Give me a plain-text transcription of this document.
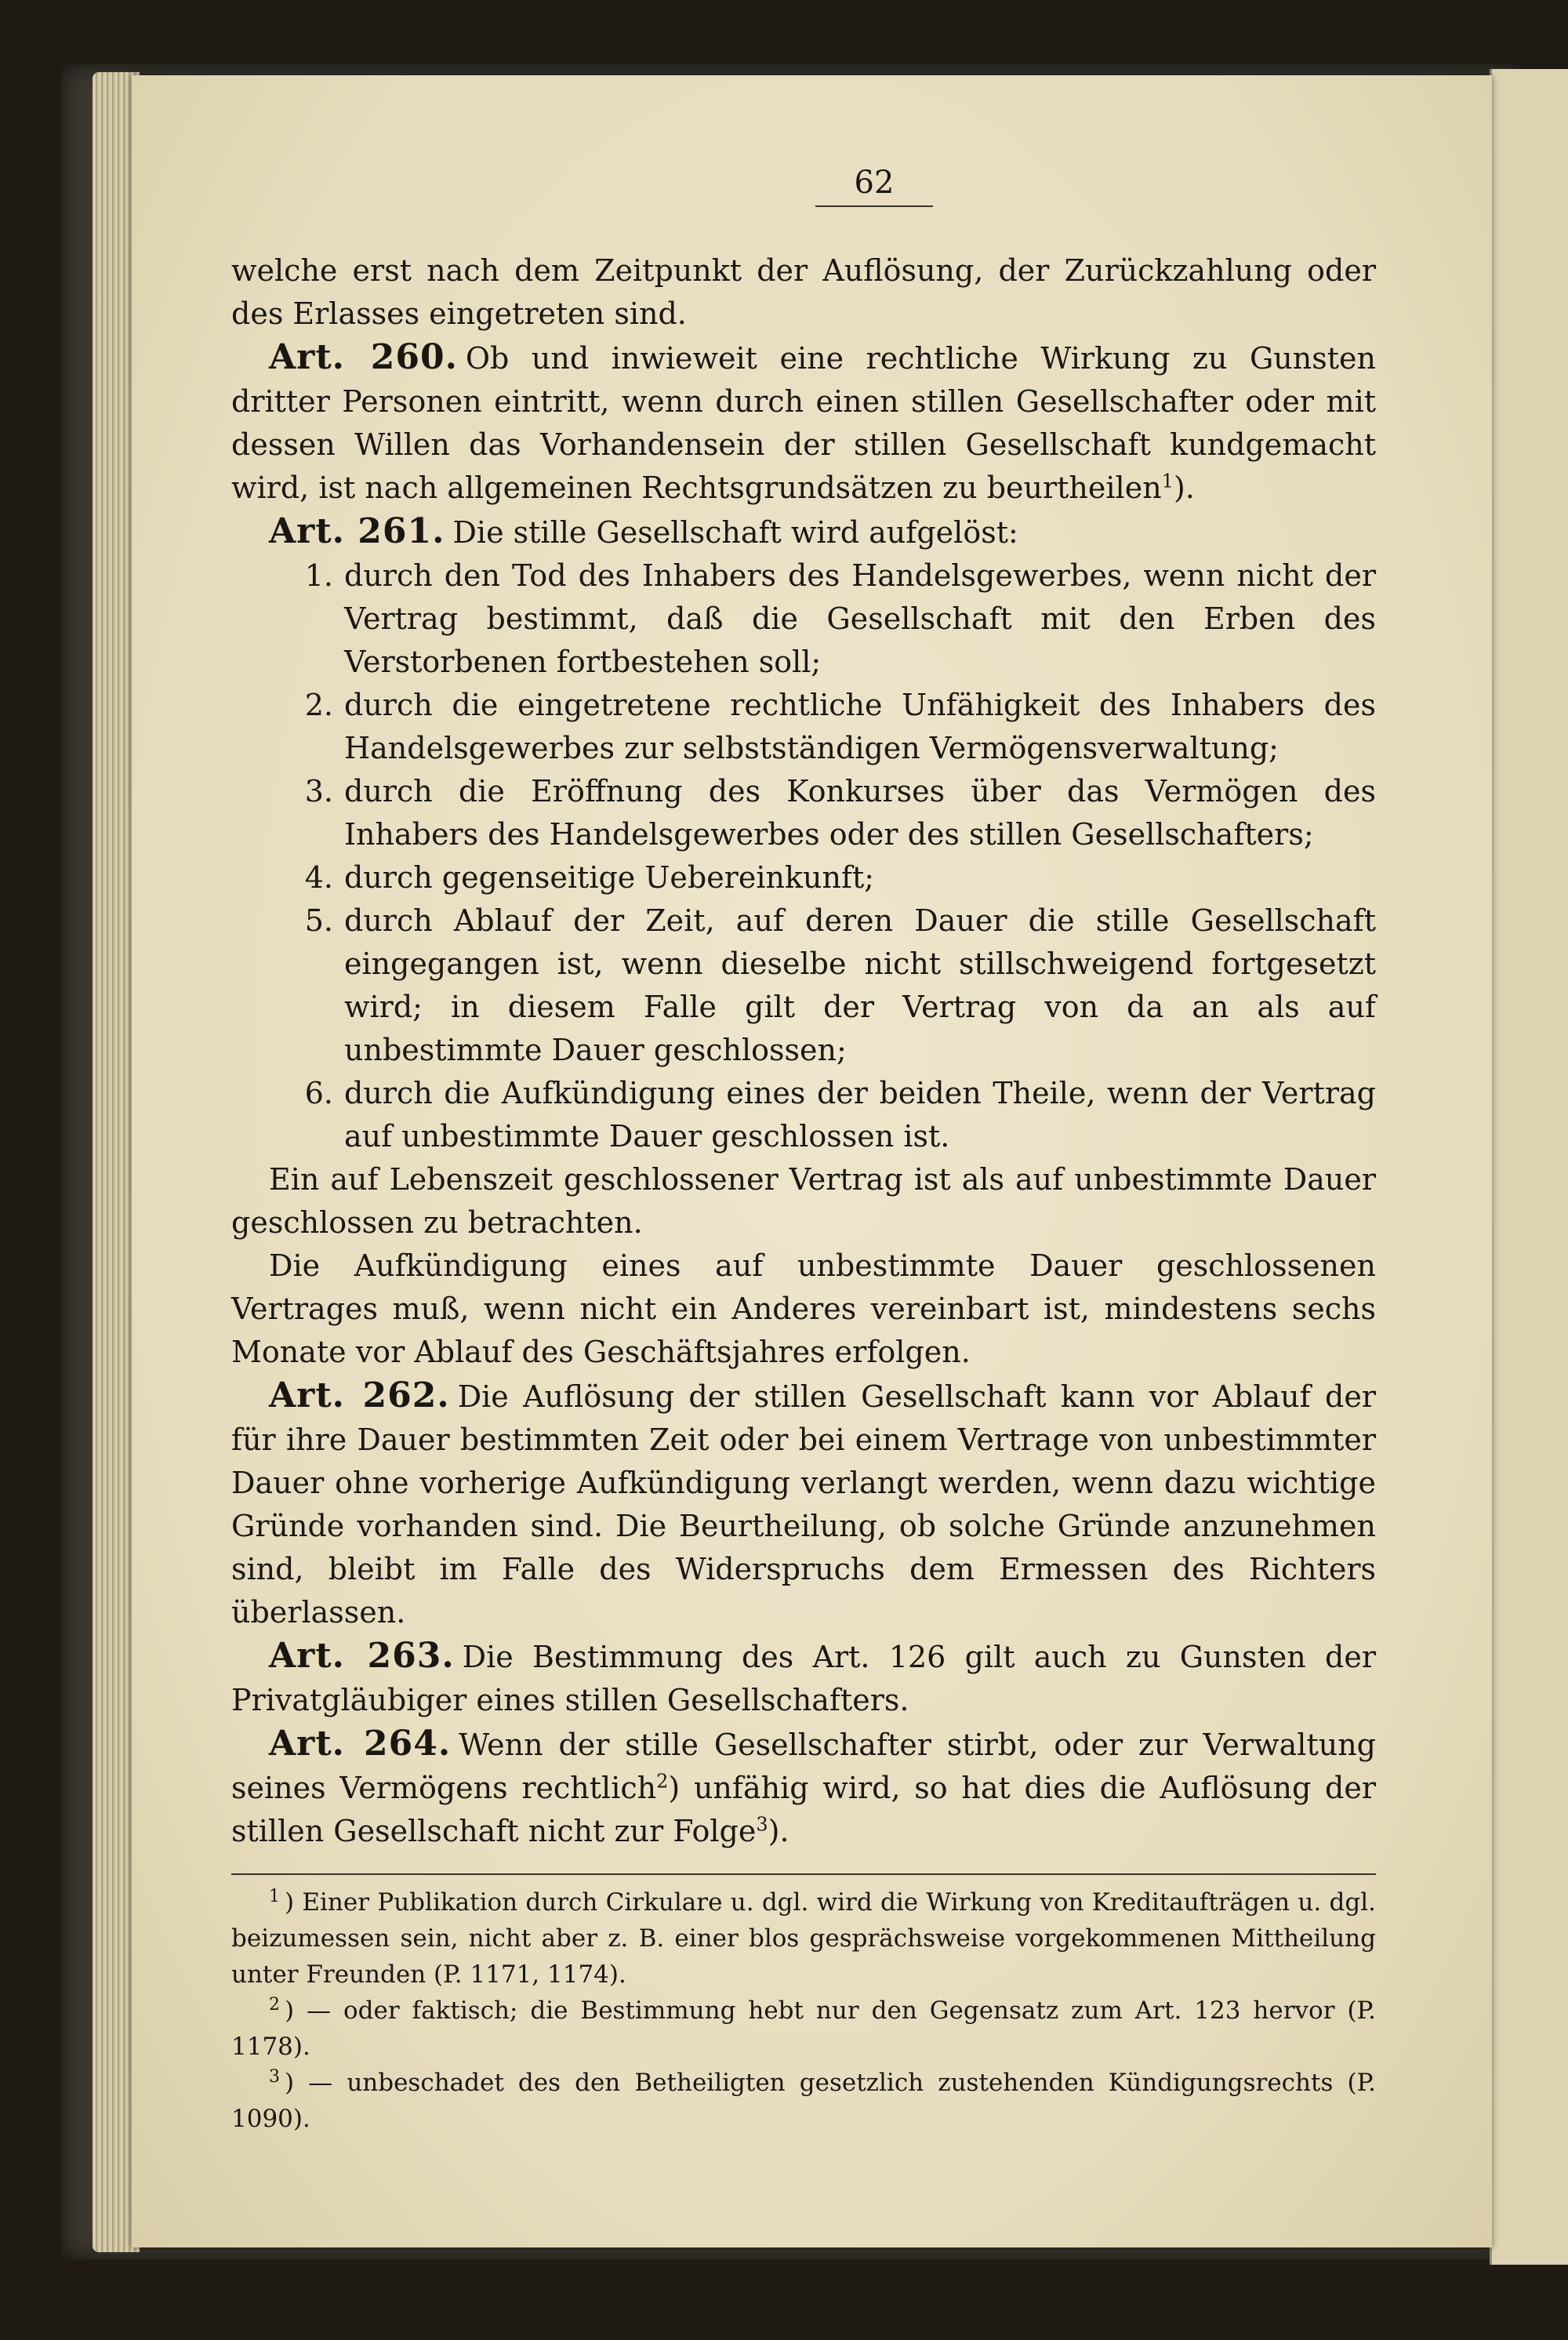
62

welche erst nach dem Zeitpunkt der Auflösung, der Zurückzahlung oder des Erlasses eingetreten sind.

Art. 260. Ob und inwieweit eine rechtliche Wirkung zu Gunsten dritter Personen eintritt, wenn durch einen stillen Gesellschafter oder mit dessen Willen das Vorhandensein der stillen Gesellschaft kundgemacht wird, ist nach allgemeinen Rechtsgrundsätzen zu beurtheilen$^1$).

Art. 261. Die stille Gesellschaft wird aufgelöst:

1. durch den Tod des Inhabers des Handelsgewerbes, wenn nicht der Vertrag bestimmt, daß die Gesellschaft mit den Erben des Verstorbenen fortbestehen soll;

2. durch die eingetretene rechtliche Unfähigkeit des Inhabers des Handelsgewerbes zur selbstständigen Vermögensverwaltung;

3. durch die Eröffnung des Konkurses über das Vermögen des Inhabers des Handelsgewerbes oder des stillen Gesellschafters;

4. durch gegenseitige Uebereinkunft;

5. durch Ablauf der Zeit, auf deren Dauer die stille Gesellschaft eingegangen ist, wenn dieselbe nicht stillschweigend fortgesetzt wird; in diesem Falle gilt der Vertrag von da an als auf unbestimmte Dauer geschlossen;

6. durch die Aufkündigung eines der beiden Theile, wenn der Vertrag auf unbestimmte Dauer geschlossen ist.

Ein auf Lebenszeit geschlossener Vertrag ist als auf unbestimmte Dauer geschlossen zu betrachten.

Die Aufkündigung eines auf unbestimmte Dauer geschlossenen Vertrages muß, wenn nicht ein Anderes vereinbart ist, mindestens sechs Monate vor Ablauf des Geschäftsjahres erfolgen.

Art. 262. Die Auflösung der stillen Gesellschaft kann vor Ablauf der für ihre Dauer bestimmten Zeit oder bei einem Vertrage von unbestimmter Dauer ohne vorherige Aufkündigung verlangt werden, wenn dazu wichtige Gründe vorhanden sind. Die Beurtheilung, ob solche Gründe anzunehmen sind, bleibt im Falle des Widerspruchs dem Ermessen des Richters überlassen.

Art. 263. Die Bestimmung des Art. 126 gilt auch zu Gunsten der Privatgläubiger eines stillen Gesellschafters.

Art. 264. Wenn der stille Gesellschafter stirbt, oder zur Verwaltung seines Vermögens rechtlich$^2$) unfähig wird, so hat dies die Auflösung der stillen Gesellschaft nicht zur Folge$^3$).

$^1$ ) Einer Publikation durch Cirkulare u. dgl. wird die Wirkung von Kreditaufträgen u. dgl. beizumessen sein, nicht aber z. B. einer blos gesprächsweise vorgekommenen Mittheilung unter Freunden (P. 1171, 1174).

$^2$ ) — oder faktisch; die Bestimmung hebt nur den Gegensatz zum Art. 123 hervor (P. 1178).

$^3$ ) — unbeschadet des den Betheiligten gesetzlich zustehenden Kündigungsrechts (P. 1090).
